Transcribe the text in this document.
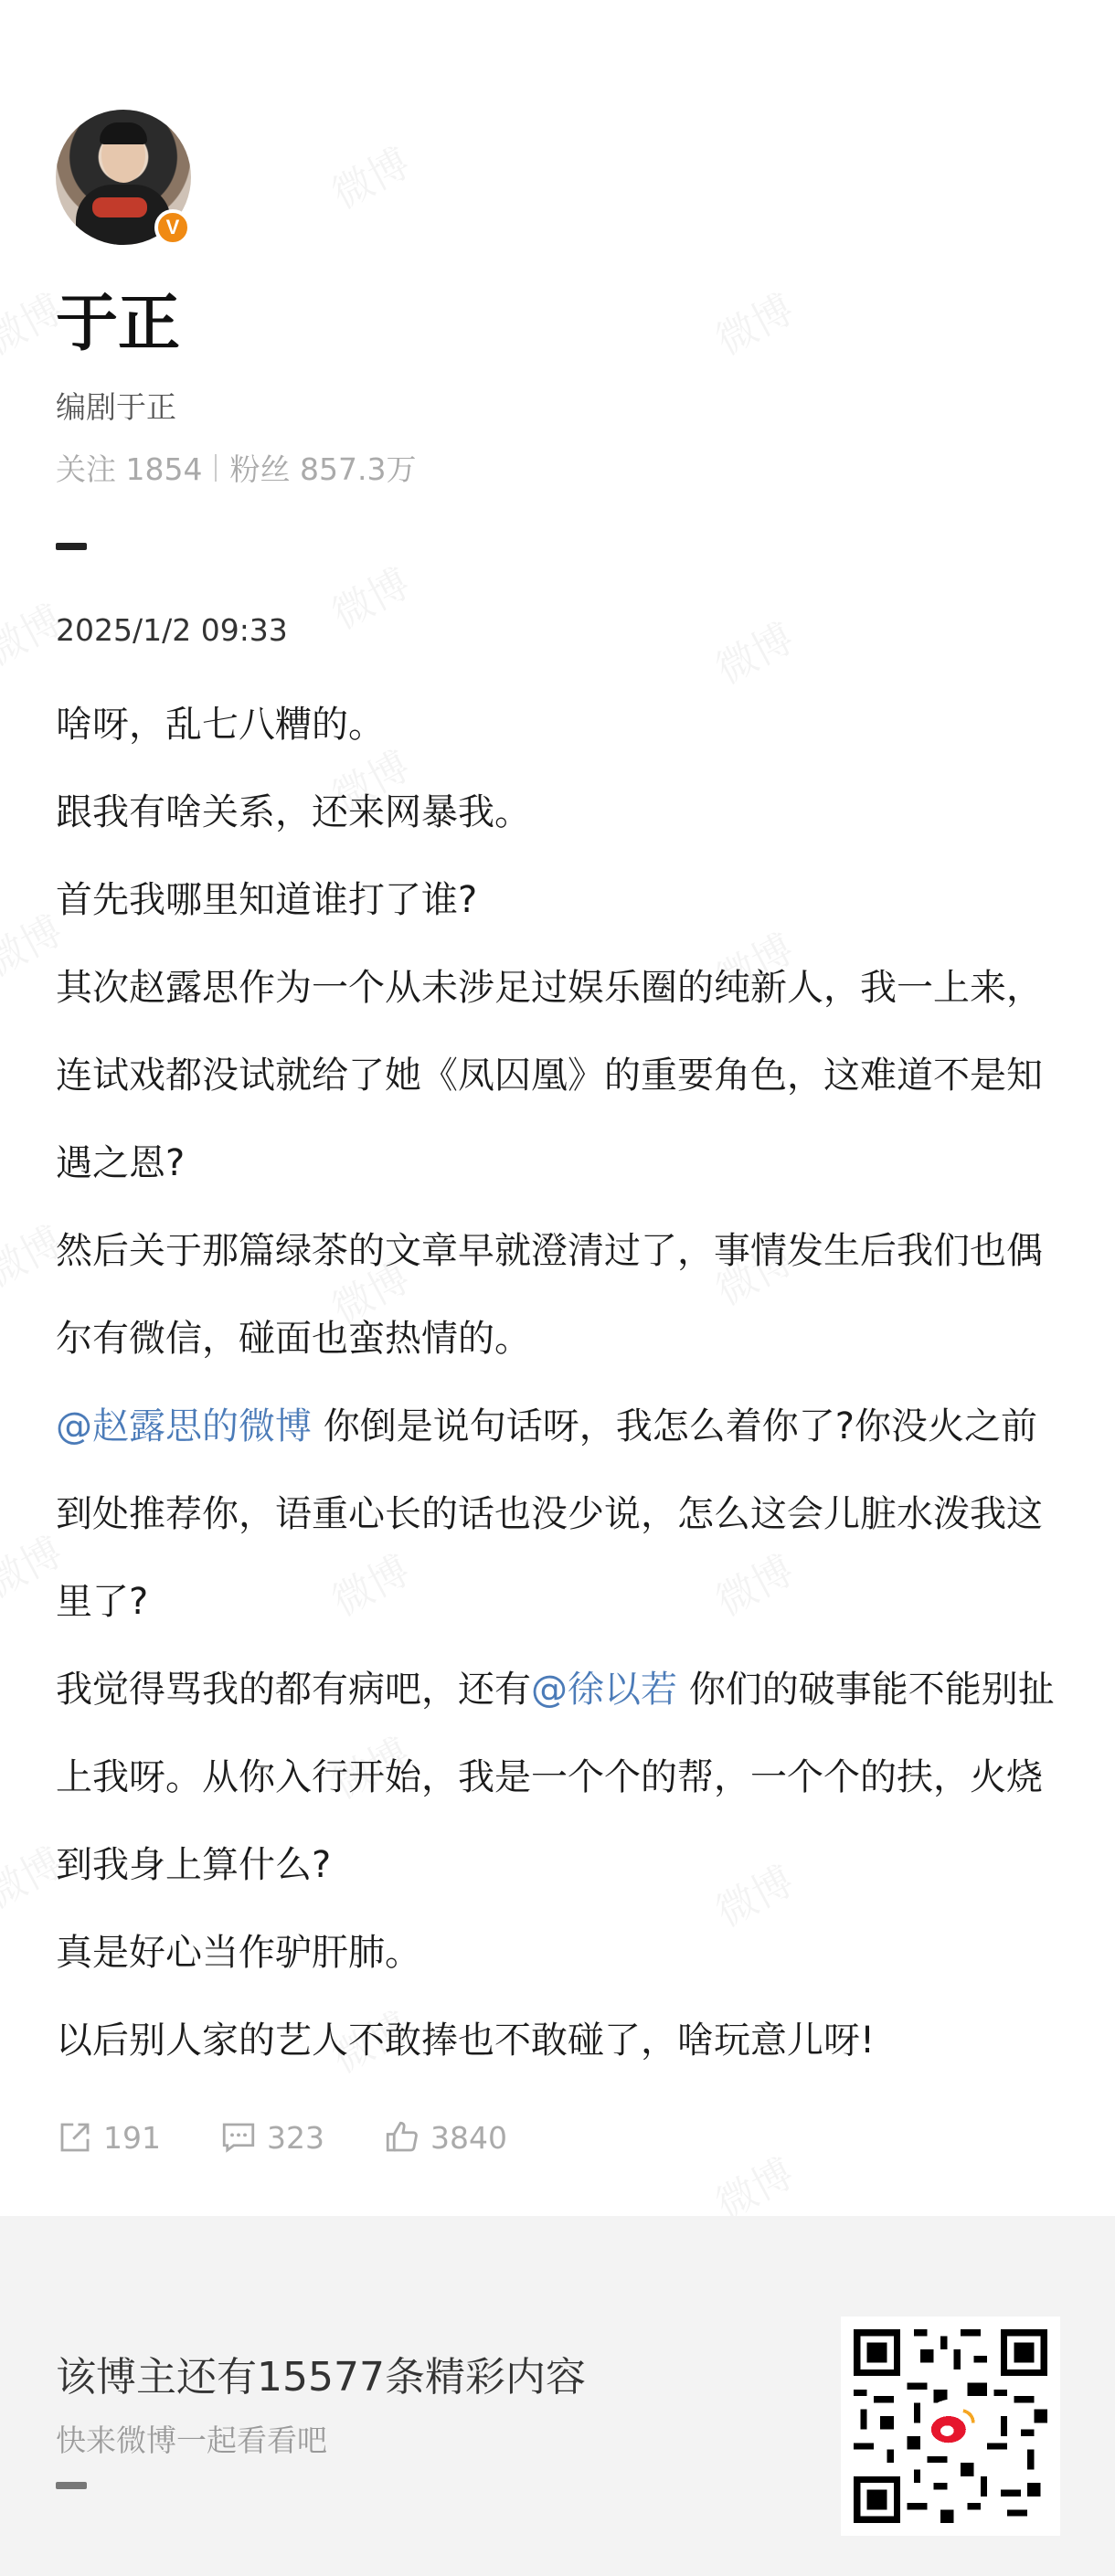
V
于正
编剧于正
关注 1854 粉丝 857.3万
2025/1/2 09:33

啥呀，乱七八糟的。

跟我有啥关系，还来网暴我。

首先我哪里知道谁打了谁?

其次赵露思作为一个从未涉足过娱乐圈的纯新人，我一上来，连试戏都没试就给了她《凤囚凰》的重要角色，这难道不是知遇之恩?

然后关于那篇绿茶的文章早就澄清过了，事情发生后我们也偶尔有微信，碰面也蛮热情的。

@赵露思的微博 你倒是说句话呀，我怎么着你了?你没火之前到处推荐你，语重心长的话也没少说，怎么这会儿脏水泼我这里了?

我觉得骂我的都有病吧，还有@徐以若 你们的破事能不能别扯上我呀。从你入行开始，我是一个个的帮，一个个的扶，火烧到我身上算什么?

真是好心当作驴肝肺。

以后别人家的艺人不敢捧也不敢碰了，啥玩意儿呀!

191	323	3840
该博主还有15577条精彩内容
快来微博一起看看吧
